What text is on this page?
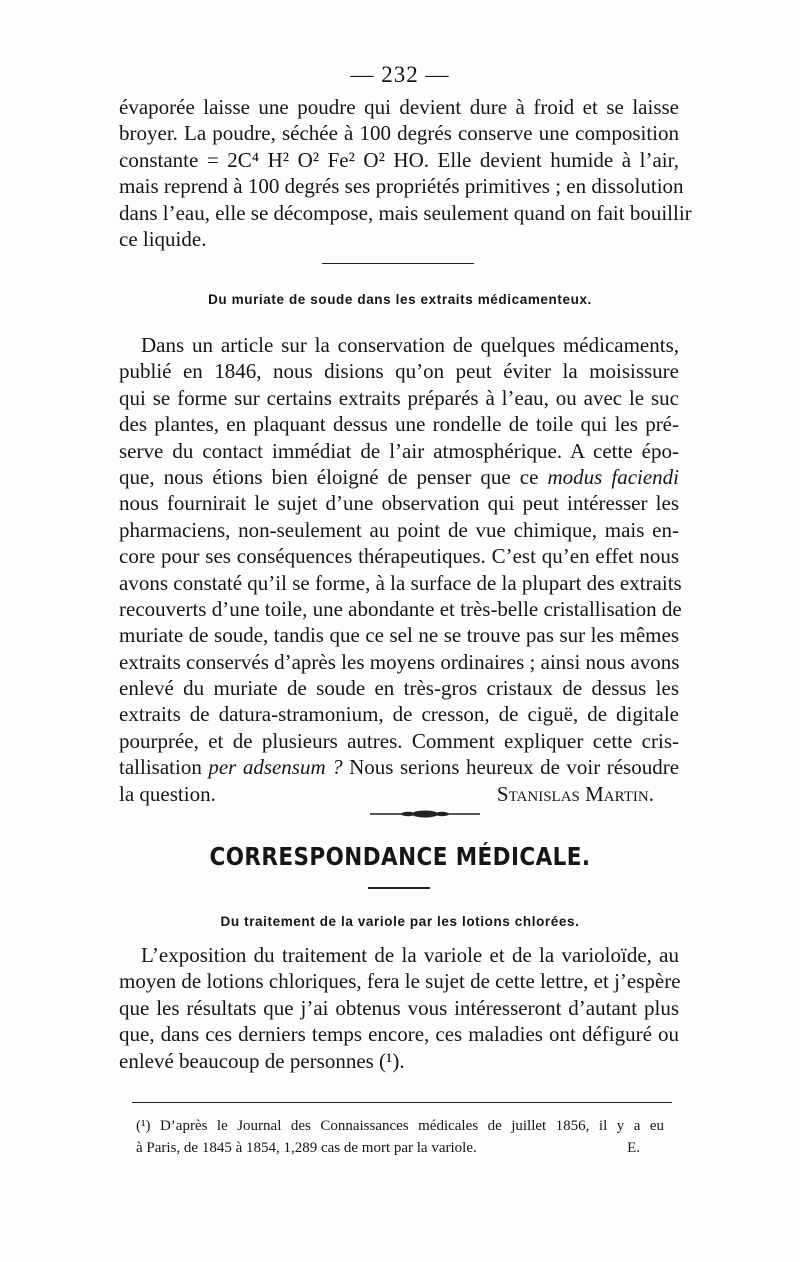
— 232 —
évaporée laisse une poudre qui devient dure à froid et se laisse
broyer. La poudre, séchée à 100 degrés conserve une composition
constante = 2C⁴ H² O² Fe² O² HO. Elle devient humide à l’air,
mais reprend à 100 degrés ses propriétés primitives ; en dissolution
dans l’eau, elle se décompose, mais seulement quand on fait bouillir
ce liquide.
Du muriate de soude dans les extraits médicamenteux.
Dans un article sur la conservation de quelques médicaments,
publié en 1846, nous disions qu’on peut éviter la moisissure
qui se forme sur certains extraits préparés à l’eau, ou avec le suc
des plantes, en plaquant dessus une rondelle de toile qui les pré-
serve du contact immédiat de l’air atmosphérique. A cette épo-
que, nous étions bien éloigné de penser que ce modus faciendi
nous fournirait le sujet d’une observation qui peut intéresser les
pharmaciens, non-seulement au point de vue chimique, mais en-
core pour ses conséquences thérapeutiques. C’est qu’en effet nous
avons constaté qu’il se forme, à la surface de la plupart des extraits
recouverts d’une toile, une abondante et très-belle cristallisation de
muriate de soude, tandis que ce sel ne se trouve pas sur les mêmes
extraits conservés d’après les moyens ordinaires ; ainsi nous avons
enlevé du muriate de soude en très-gros cristaux de dessus les
extraits de datura-stramonium, de cresson, de ciguë, de digitale
pourprée, et de plusieurs autres. Comment expliquer cette cris-
tallisation per adsensum ? Nous serions heureux de voir résoudre
la question.	Stanislas Martin.
CORRESPONDANCE MÉDICALE.
Du traitement de la variole par les lotions chlorées.
L’exposition du traitement de la variole et de la varioloïde, au
moyen de lotions chloriques, fera le sujet de cette lettre, et j’espère
que les résultats que j’ai obtenus vous intéresseront d’autant plus
que, dans ces derniers temps encore, ces maladies ont défiguré ou
enlevé beaucoup de personnes (¹).
(¹) D’après le Journal des Connaissances médicales de juillet 1856, il y a eu
à Paris, de 1845 à 1854, 1,289 cas de mort par la variole.	E.
